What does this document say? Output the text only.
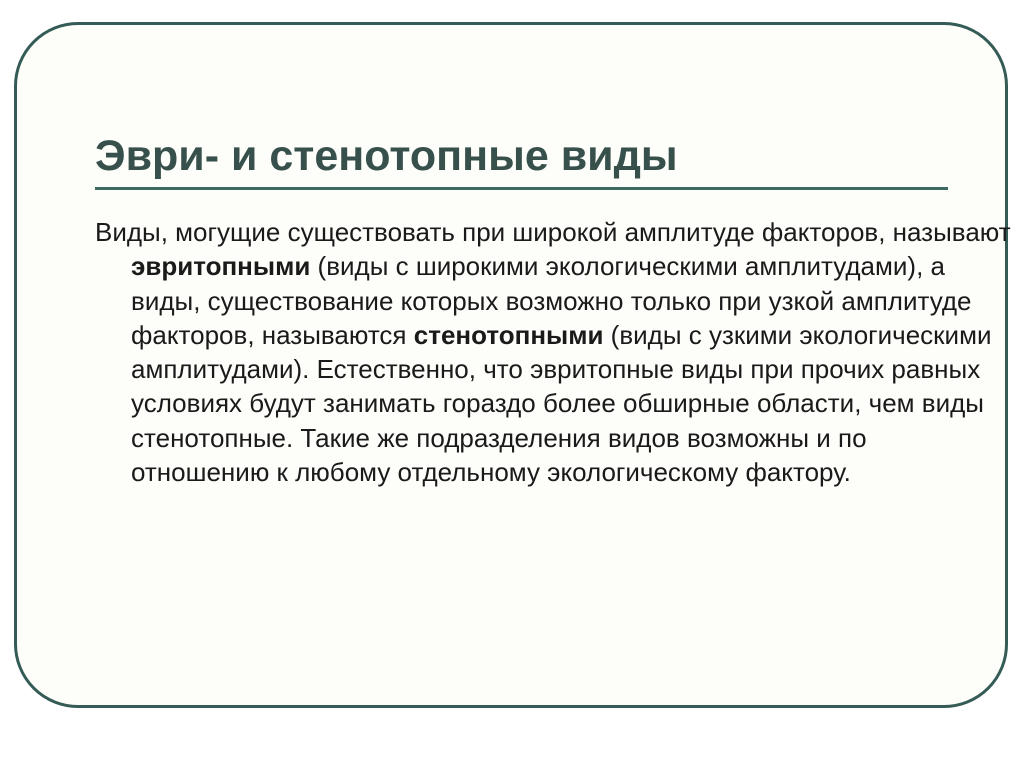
Эври- и стенотопные виды

Виды, могущие существовать при широкой амплитуде факторов, называют эвритопными (виды с широкими экологическими амплитудами), а виды, существование которых возможно только при узкой амплитуде факторов, называются стенотопными (виды с узкими экологическими амплитудами). Естественно, что эвритопные виды при прочих равных условиях будут занимать гораздо более обширные области, чем виды стенотопные. Такие же подразделения видов возможны и по отношению к любому отдельному экологическому фактору.
